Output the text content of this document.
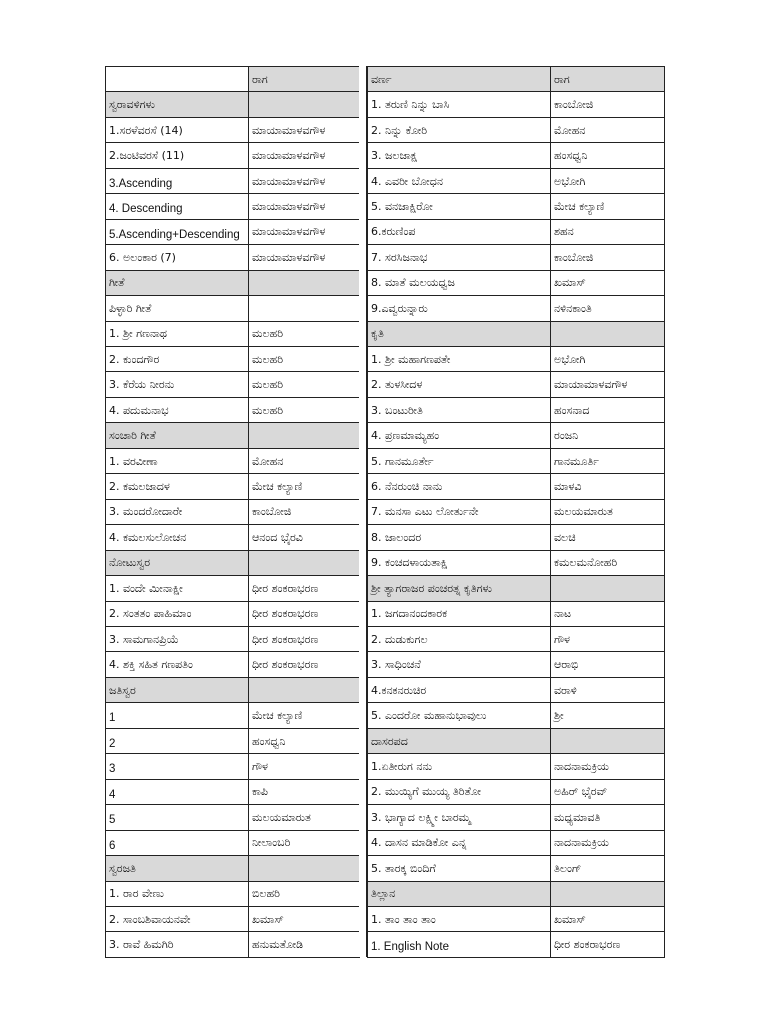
ರಾಗ
ಸ್ವರಾವಳಿಗಳು
1.ಸರಳೆವರಸೆ (14)	ಮಾಯಾಮಾಳವಗೌಳ
2.ಜಂಟಿವರಸೆ (11)	ಮಾಯಾಮಾಳವಗೌಳ
3.Ascending	ಮಾಯಾಮಾಳವಗೌಳ
4. Descending	ಮಾಯಾಮಾಳವಗೌಳ
5.Ascending+Descending	ಮಾಯಾಮಾಳವಗೌಳ
6. ಅಲಂಕಾರ (7)	ಮಾಯಾಮಾಳವಗೌಳ
ಗೀತೆ
ಪಿಳ್ಳಾರಿ ಗೀತೆ
1. ಶ್ರೀ ಗಣನಾಥ	ಮಲಹರಿ
2. ಕುಂದಗೌರ	ಮಲಹರಿ
3. ಕೆರೆಯ ನೀರನು	ಮಲಹರಿ
4. ಪದುಮನಾಭ	ಮಲಹರಿ
ಸಂಚಾರಿ ಗೀತೆ
1. ವರವೀಣಾ	ಮೋಹನ
2. ಕಮಲಜಾದಳ	ಮೇಚ ಕಲ್ಯಾಣಿ
3. ಮಂದರೋದಾರೇ	ಕಾಂಬೋಜಿ
4. ಕಮಲಸುಲೋಚನ	ಆನಂದ ಭೈರವಿ
ನೋಟುಸ್ವರ
1. ವಂದೇ ಮೀನಾಕ್ಷೀ	ಧೀರ ಶಂಕರಾಭರಣ
2. ಸಂತತಂ ಪಾಹಿಮಾಂ	ಧೀರ ಶಂಕರಾಭರಣ
3. ಸಾಮಗಾನಪ್ರಿಯೆ	ಧೀರ ಶಂಕರಾಭರಣ
4. ಶಕ್ತಿ ಸಹಿತ ಗಣಪತಿಂ	ಧೀರ ಶಂಕರಾಭರಣ
ಜತಿಸ್ವರ
1	ಮೇಚ ಕಲ್ಯಾಣಿ
2	ಹಂಸಧ್ವನಿ
3	ಗೌಳ
4	ಕಾಪಿ
5	ಮಲಯಮಾರುತ
6	ನೀಲಾಂಬರಿ
ಸ್ವರಜತಿ
1. ರಾರ ವೇಣು	ಬಿಲಹರಿ
2. ಸಾಂಬಶಿವಾಯನವೇ	ಖಮಾಸ್
3. ರಾವೆ ಹಿಮಗಿರಿ	ಹನುಮತೋಡಿ
ವರ್ಣ	ರಾಗ
1. ತರುಣಿ ನಿನ್ನು ಬಾಸಿ	ಕಾಂಬೋಜಿ
2. ನಿನ್ನು ಕೋರಿ	ಮೋಹನ
3. ಜಲಜಾಕ್ಷ	ಹಂಸಧ್ವನಿ
4. ಎವರೀ ಬೋಧನ	ಅಭೋಗಿ
5. ವನಜಾಕ್ಷಿರೋ	ಮೇಚ ಕಲ್ಯಾಣಿ
6.ಕರುಣಿಂಪ	ಶಹನ
7. ಸರಸಿಜನಾಭ	ಕಾಂಬೋಜಿ
8. ಮಾತೆ ಮಲಯಧ್ವಜ	ಖಮಾಸ್
9.ಎವ್ವರುನ್ನಾರು	ನಳಿನಕಾಂತಿ
ಕೃತಿ
1. ಶ್ರೀ ಮಹಾಗಣಪತೇ	ಅಭೋಗಿ
2. ತುಳಸೀದಳ	ಮಾಯಾಮಾಳವಗೌಳ
3. ಬಂಟುರೀತಿ	ಹಂಸನಾದ
4. ಪ್ರಣಮಾಮ್ಯಹಂ	ರಂಜನಿ
5. ಗಾನಮೂರ್ತೇ	ಗಾನಮೂರ್ತಿ
6. ನೆನರುಂಚಿ ನಾನು	ಮಾಳವಿ
7. ಮನಸಾ ಎಟು ಲೋರ್ತುನೇ	ಮಲಯಮಾರುತ
8. ಜಾಲಂದರ	ವಲಚಿ
9. ಕಂಚದಳಾಯತಾಕ್ಷಿ	ಕಮಲಮನೋಹರಿ
ಶ್ರೀ ತ್ಯಾಗರಾಜರ ಪಂಚರತ್ನ ಕೃತಿಗಳು
1. ಜಗದಾನಂದಕಾರಕ	ನಾಟ
2. ದುಡುಕುಗಲ	ಗೌಳ
3. ಸಾಧಿಂಚನೆ	ಆರಾಭಿ
4.ಕನಕನರುಚಿರ	ವರಾಳಿ
5. ಎಂದರೋ ಮಹಾನುಭಾವುಲು	ಶ್ರೀ
ದಾಸರಪದ
1.ಏತೀರುಗ ನನು	ನಾದನಾಮಕ್ರಿಯ
2. ಮುಯ್ಯಿಗೆ ಮುಯ್ಯ ತಿರಿತೋ	ಅಹಿರ್ ಭೈರವ್
3. ಭಾಗ್ಯಾದ ಲಕ್ಷ್ಮೀ ಬಾರಮ್ಮ	ಮಧ್ಯಮಾವತಿ
4. ದಾಸನ ಮಾಡಿಕೋ ಎನ್ನ	ನಾದನಾಮಕ್ರಿಯ
5. ತಾರಕ್ಕ ಬಿಂದಿಗೆ	ತಿಲಂಗ್
ತಿಲ್ಲಾನ
1. ತಾಂ ತಾಂ ತಾಂ	ಖಮಾಸ್
1. English Note	ಧೀರ ಶಂಕರಾಭರಣ
